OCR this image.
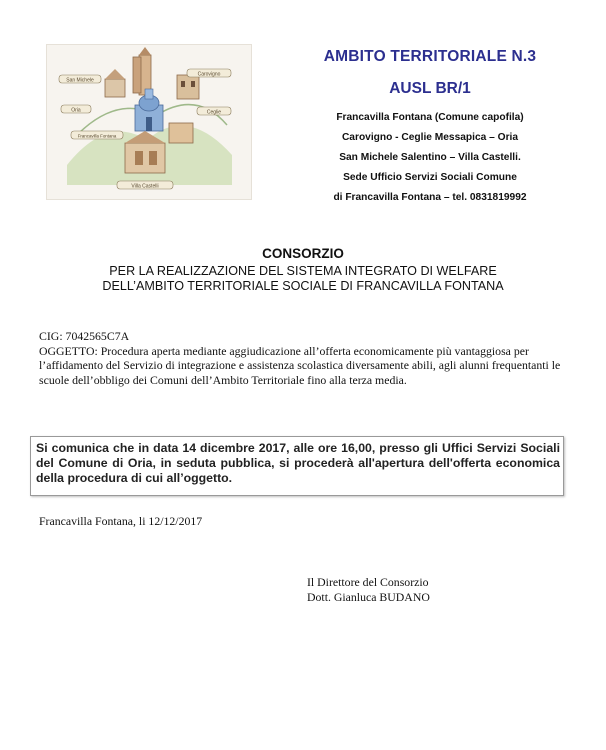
San Michele
Carovigno
Oria	Ceglie
Villa Castelli
Francavilla Fontana
AMBITO TERRITORIALE N.3
AUSL BR/1
Francavilla Fontana (Comune capofila)
Carovigno - Ceglie Messapica – Oria
San Michele Salentino – Villa Castelli.
Sede Ufficio Servizi Sociali Comune
di Francavilla Fontana – tel. 0831819992
CONSORZIO
PER LA REALIZZAZIONE DEL SISTEMA INTEGRATO DI WELFARE
DELL’AMBITO TERRITORIALE SOCIALE DI FRANCAVILLA FONTANA

CIG: 7042565C7A

OGGETTO: Procedura aperta mediante aggiudicazione all’offerta economicamente più vantaggiosa per l’affidamento del Servizio di integrazione e assistenza scolastica diversamente abili, agli alunni frequentanti le scuole dell’obbligo dei Comuni dell’Ambito Territoriale fino alla terza media.

Si comunica che in data 14 dicembre 2017, alle ore 16,00, presso gli Uffici Servizi Sociali del Comune di Oria, in seduta pubblica, si procederà all'apertura dell'offerta economica della procedura di cui all’oggetto.
Francavilla Fontana, li 12/12/2017
Il Direttore del Consorzio
Dott. Gianluca BUDANO
